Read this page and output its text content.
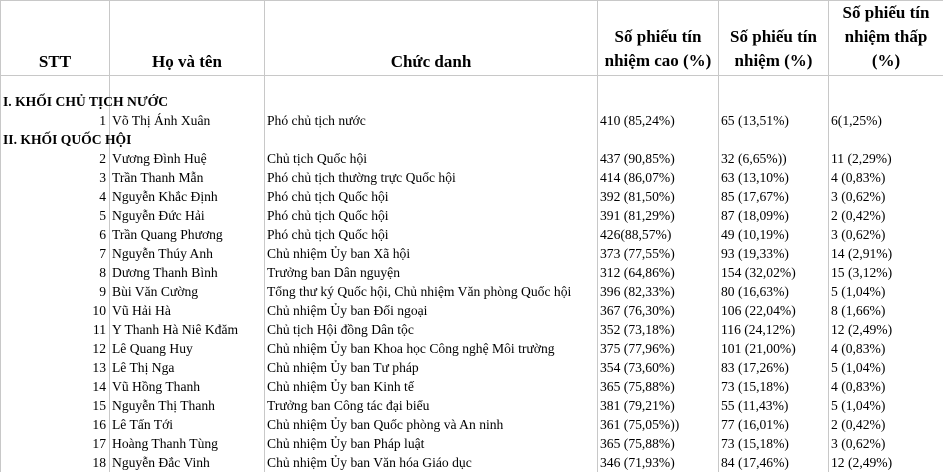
STT	Họ và tên	Chức danh	Số phiếu tín nhiệm cao (%)	Số phiếu tín nhiệm (%)	Số phiếu tín nhiệm thấp (%)

I. KHỐI CHỦ TỊCH NƯỚC					
1	Võ Thị Ánh Xuân	Phó chủ tịch nước	410 (85,24%)	65 (13,51%)	6(1,25%)
II. KHỐI QUỐC HỘI					
2	Vương Đình Huệ	Chủ tịch Quốc hội	437 (90,85%)	32 (6,65%))	11 (2,29%)
3	Trần Thanh Mẫn	Phó chủ tịch thường trực Quốc hội	414 (86,07%)	63 (13,10%)	4 (0,83%)
4	Nguyễn Khắc Định	Phó chủ tịch Quốc hội	392 (81,50%)	85 (17,67%)	3 (0,62%)
5	Nguyễn Đức Hải	Phó chủ tịch Quốc hội	391 (81,29%)	87 (18,09%)	2 (0,42%)
6	Trần Quang Phương	Phó chủ tịch Quốc hội	426(88,57%)	49 (10,19%)	3 (0,62%)
7	Nguyễn Thúy Anh	Chủ nhiệm Ủy ban Xã hội	373 (77,55%)	93 (19,33%)	14 (2,91%)
8	Dương Thanh Bình	Trưởng ban Dân nguyện	312 (64,86%)	154 (32,02%)	15 (3,12%)
9	Bùi Văn Cường	Tổng thư ký Quốc hội, Chủ nhiệm Văn phòng Quốc hội	396 (82,33%)	80 (16,63%)	5 (1,04%)
10	Vũ Hải Hà	Chủ nhiệm Ủy ban Đối ngoại	367 (76,30%)	106 (22,04%)	8 (1,66%)
11	Y Thanh Hà Niê Kđăm	Chủ tịch Hội đồng Dân tộc	352 (73,18%)	116 (24,12%)	12 (2,49%)
12	Lê Quang Huy	Chủ nhiệm Ủy ban Khoa học Công nghệ Môi trường	375 (77,96%)	101 (21,00%)	4 (0,83%)
13	Lê Thị Nga	Chủ nhiệm Ủy ban Tư pháp	354 (73,60%)	83 (17,26%)	5 (1,04%)
14	Vũ Hồng Thanh	Chủ nhiệm Ủy ban Kinh tế	365 (75,88%)	73 (15,18%)	4 (0,83%)
15	Nguyễn Thị Thanh	Trưởng ban Công tác đại biểu	381 (79,21%)	55 (11,43%)	5 (1,04%)
16	Lê Tấn Tới	Chủ nhiệm Ủy ban Quốc phòng và An ninh	361 (75,05%))	77 (16,01%)	2 (0,42%)
17	Hoàng Thanh Tùng	Chủ nhiệm Ủy ban Pháp luật	365 (75,88%)	73 (15,18%)	3 (0,62%)
18	Nguyễn Đắc Vinh	Chủ nhiệm Ủy ban Văn hóa Giáo dục	346 (71,93%)	84 (17,46%)	12 (2,49%)
